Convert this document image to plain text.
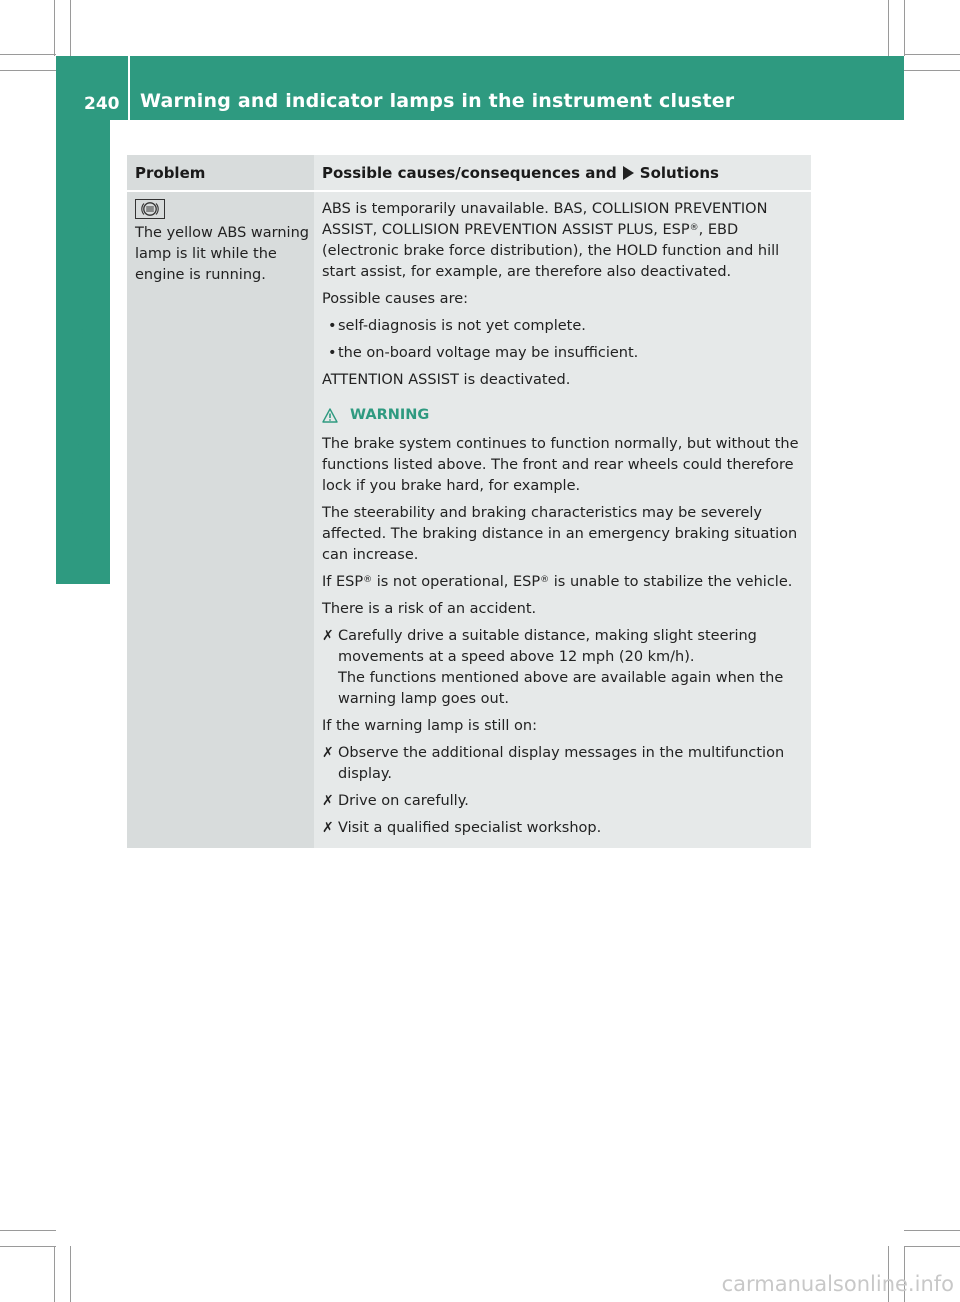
240 Warning and indicator lamps in the instrument cluster
On-board computer and displays	Problem	Possible causes/consequences and Solutions
The yellow ABS warning lamp is lit while the engine is running.

ABS is temporarily unavailable. BAS, COLLISION PREVENTION ASSIST, COLLISION PREVENTION ASSIST PLUS, ESP®, EBD (electronic brake force distribution), the HOLD function and hill start assist, for example, are therefore also deactivated.

Possible causes are:

•self-diagnosis is not yet complete.

•the on-board voltage may be insufficient.

ATTENTION ASSIST is deactivated.

WARNING

The brake system continues to function normally, but without the functions listed above. The front and rear wheels could therefore lock if you brake hard, for example.

The steerability and braking characteristics may be severely affected. The braking distance in an emergency braking situation can increase.

If ESP® is not operational, ESP® is unable to stabilize the vehicle.

There is a risk of an accident.

✗ Carefully drive a suitable distance, making slight steering movements at a speed above 12 mph (20 km/h).
The functions mentioned above are available again when the warning lamp goes out.

If the warning lamp is still on:

✗ Observe the additional display messages in the multifunction display.
✗ Drive on carefully.
✗ Visit a qualified specialist workshop.
carmanualsonline.info
